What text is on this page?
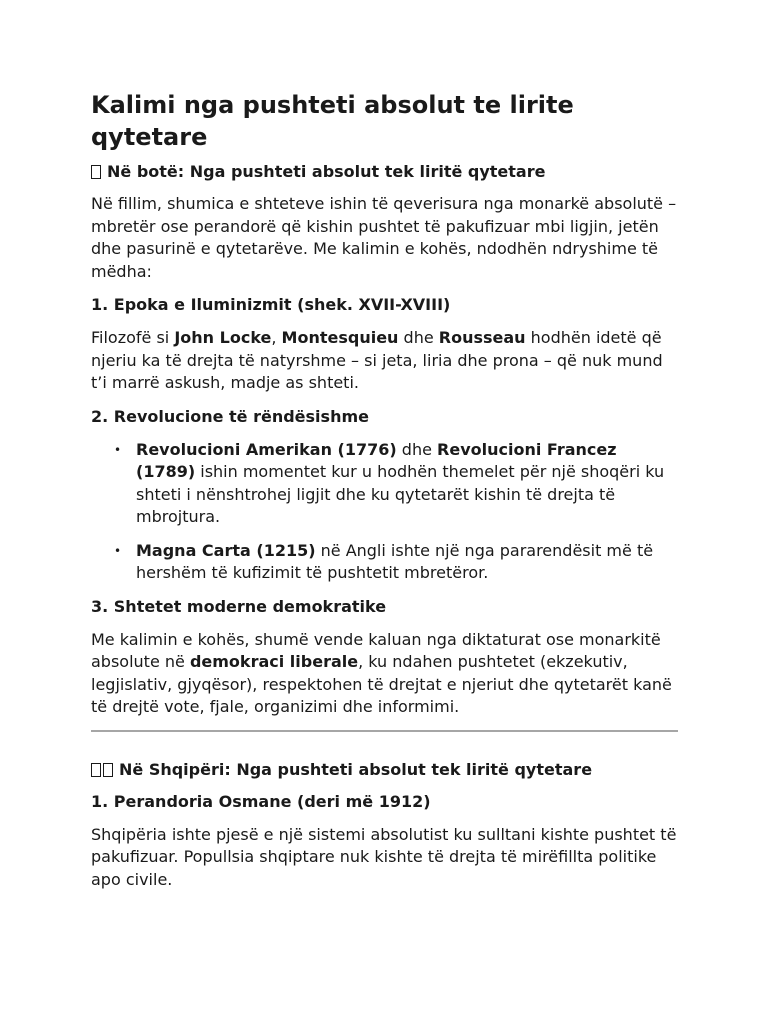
Kalimi nga pushteti absolut te lirite qytetare
Në botë: Nga pushteti absolut tek liritë qytetare

Në fillim, shumica e shteteve ishin të qeverisura nga monarkë absolutë – mbretër ose perandorë që kishin pushtet të pakufizuar mbi ligjin, jetën dhe pasurinë e qytetarëve. Me kalimin e kohës, ndodhën ndryshime të mëdha:

1. Epoka e Iluminizmit (shek. XVII-XVIII)

Filozofë si John Locke, Montesquieu dhe Rousseau hodhën idetë që njeriu ka të drejta të natyrshme – si jeta, liria dhe prona – që nuk mund t’i marrë askush, madje as shteti.

2. Revolucione të rëndësishme
• Revolucioni Amerikan (1776) dhe Revolucioni Francez (1789) ishin momentet kur u hodhën themelet për një shoqëri ku shteti i nënshtrohej ligjit dhe ku qytetarët kishin të drejta të mbrojtura.
• Magna Carta (1215) në Angli ishte një nga pararendësit më të hershëm të kufizimit të pushtetit mbretëror.
3. Shtetet moderne demokratike

Me kalimin e kohës, shumë vende kaluan nga diktaturat ose monarkitë absolute në demokraci liberale, ku ndahen pushtetet (ekzekutiv, legjislativ, gjyqësor), respektohen të drejtat e njeriut dhe qytetarët kanë të drejtë vote, fjale, organizimi dhe informimi.

Në Shqipëri: Nga pushteti absolut tek liritë qytetare
1. Perandoria Osmane (deri më 1912)

Shqipëria ishte pjesë e një sistemi absolutist ku sulltani kishte pushtet të pakufizuar. Popullsia shqiptare nuk kishte të drejta të mirëfillta politike apo civile.
